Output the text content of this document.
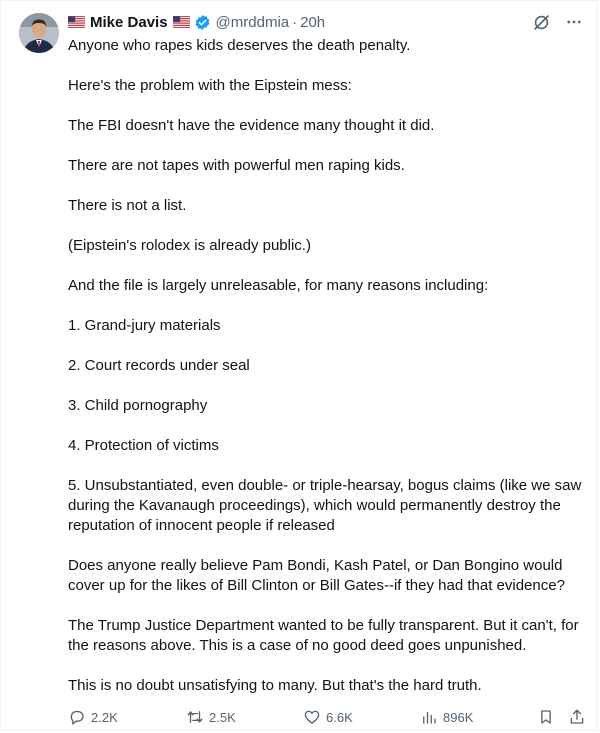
Mike Davis	@mrddmia · 20h

Anyone who rapes kids deserves the death penalty.

Here's the problem with the Eipstein mess:

The FBI doesn't have the evidence many thought it did.

There are not tapes with powerful men raping kids.

There is not a list.

(Eipstein's rolodex is already public.)

And the file is largely unreleasable, for many reasons including:

1. Grand-jury materials

2. Court records under seal

3. Child pornography

4. Protection of victims

5. Unsubstantiated, even double- or triple-hearsay, bogus claims (like we saw during the Kavanaugh proceedings), which would permanently destroy the reputation of innocent people if released

Does anyone really believe Pam Bondi, Kash Patel, or Dan Bongino would cover up for the likes of Bill Clinton or Bill Gates--if they had that evidence?

The Trump Justice Department wanted to be fully transparent. But it can't, for the reasons above. This is a case of no good deed goes unpunished.

This is no doubt unsatisfying to many. But that's the hard truth.

2.2K	2.5K	6.6K	896K
